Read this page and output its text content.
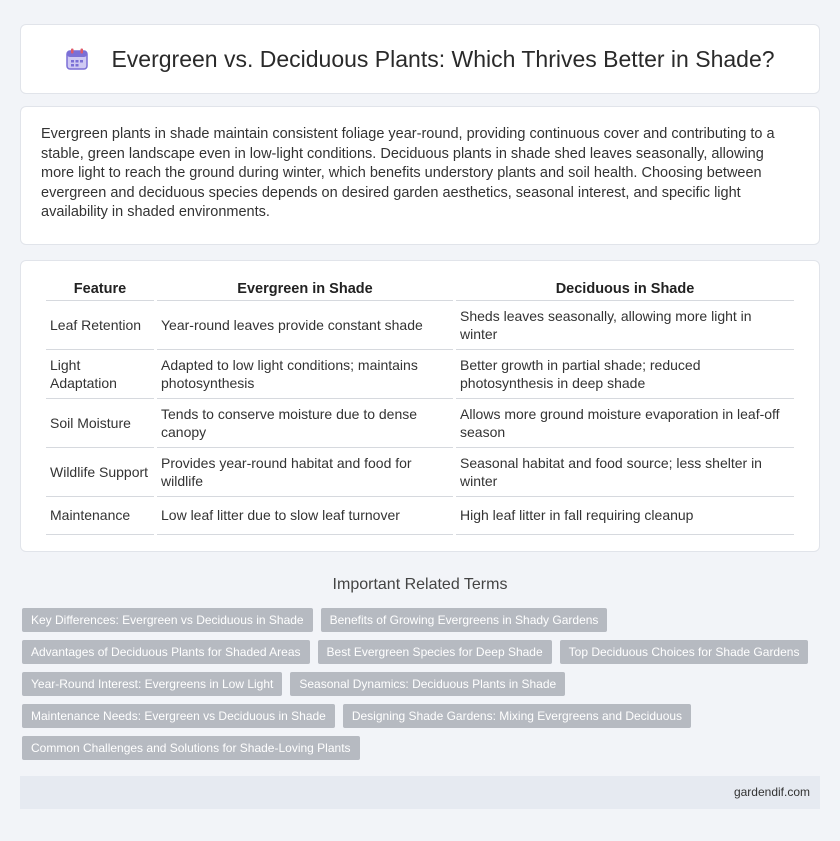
Evergreen vs. Deciduous Plants: Which Thrives Better in Shade?

Evergreen plants in shade maintain consistent foliage year-round, providing continuous cover and contributing to a stable, green landscape even in low-light conditions. Deciduous plants in shade shed leaves seasonally, allowing more light to reach the ground during winter, which benefits understory plants and soil health. Choosing between evergreen and deciduous species depends on desired garden aesthetics, seasonal interest, and specific light availability in shaded environments.

Feature	Evergreen in Shade	Deciduous in Shade
Leaf Retention	Year-round leaves provide constant shade	Sheds leaves seasonally, allowing more light in winter
Light Adaptation	Adapted to low light conditions; maintains photosynthesis	Better growth in partial shade; reduced photosynthesis in deep shade
Soil Moisture	Tends to conserve moisture due to dense canopy	Allows more ground moisture evaporation in leaf-off season
Wildlife Support	Provides year-round habitat and food for wildlife	Seasonal habitat and food source; less shelter in winter
Maintenance	Low leaf litter due to slow leaf turnover	High leaf litter in fall requiring cleanup
Important Related Terms
Key Differences: Evergreen vs Deciduous in Shade	Benefits of Growing Evergreens in Shady Gardens
Advantages of Deciduous Plants for Shaded Areas	Best Evergreen Species for Deep Shade	Top Deciduous Choices for Shade Gardens
Year-Round Interest: Evergreens in Low Light	Seasonal Dynamics: Deciduous Plants in Shade
Maintenance Needs: Evergreen vs Deciduous in Shade	Designing Shade Gardens: Mixing Evergreens and Deciduous
Common Challenges and Solutions for Shade-Loving Plants
gardendif.com
